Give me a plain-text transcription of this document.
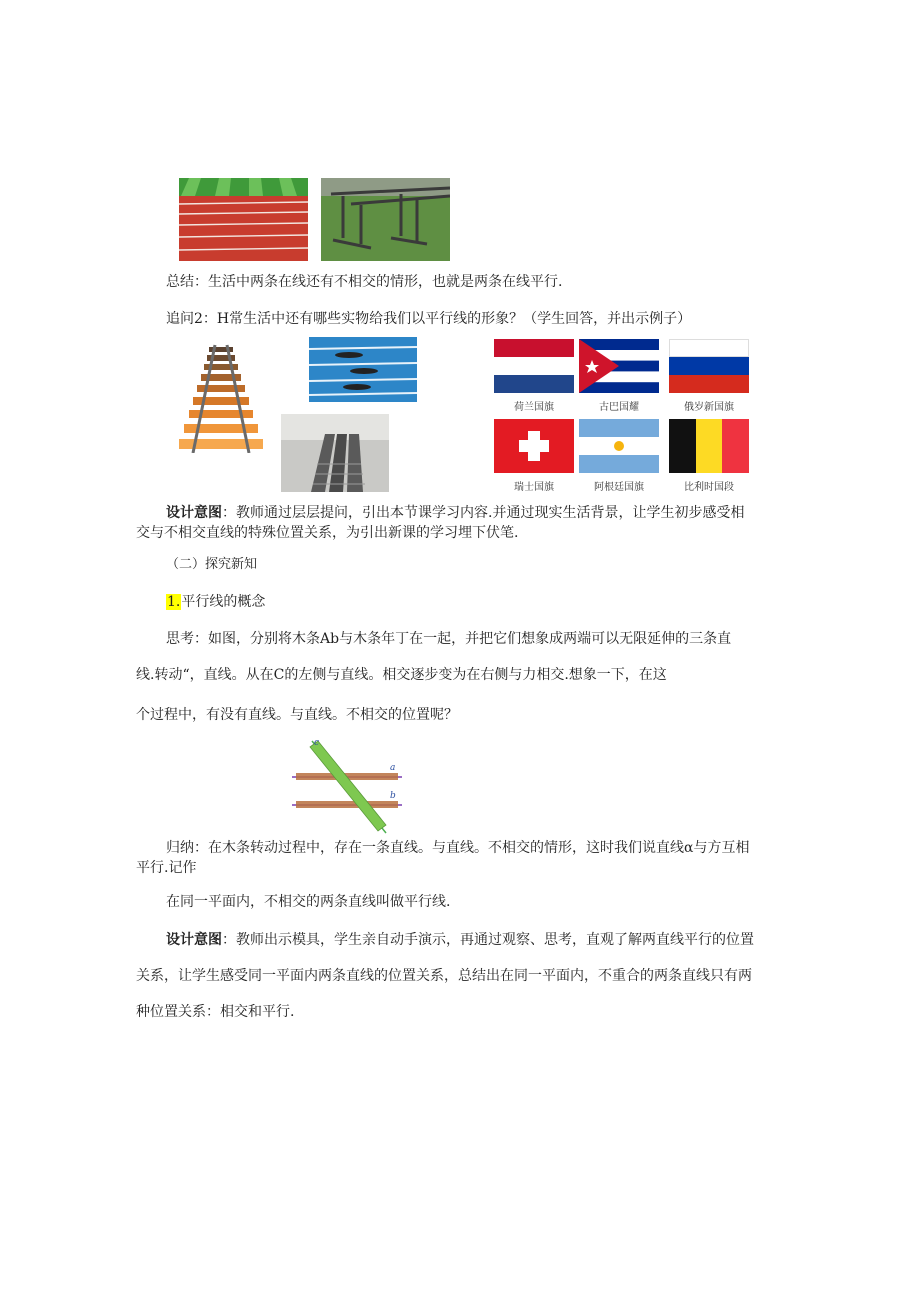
总结：生活中两条在线还有不相交的情形，也就是两条在线平行.
追问2：H常生活中还有哪些实物给我们以平行线的形象？（学生回答，并出示例子）
荷兰国旗	古巴国耀	俄岁新国旗
瑞士国旗	阿根廷国旗	比利时国段
设计意图：教师通过层层提问，引出本节课学习内容.并通过现实生活背景，让学生初步感受相
交与不相交直线的特殊位置关系，为引出新课的学习埋下伏笔.
（二）探究新知
1.平行线的概念
思考：如图，分别将木条Ab与木条年丁在一起，并把它们想象成两端可以无限延伸的三条直
线.转动“，直线。从在C的左侧与直线。相交逐步变为在右侧与力相交.想象一下，在这
个过程中，有没有直线。与直线。不相交的位置呢？
c
a
b
归纳：在木条转动过程中，存在一条直线。与直线。不相交的情形，这时我们说直线α与方互相
平行.记作
在同一平面内，不相交的两条直线叫做平行线.
设计意图：教师出示模具，学生亲自动手演示，再通过观察、思考，直观了解两直线平行的位置
关系，让学生感受同一平面内两条直线的位置关系，总结出在同一平面内，不重合的两条直线只有两
种位置关系：相交和平行.
